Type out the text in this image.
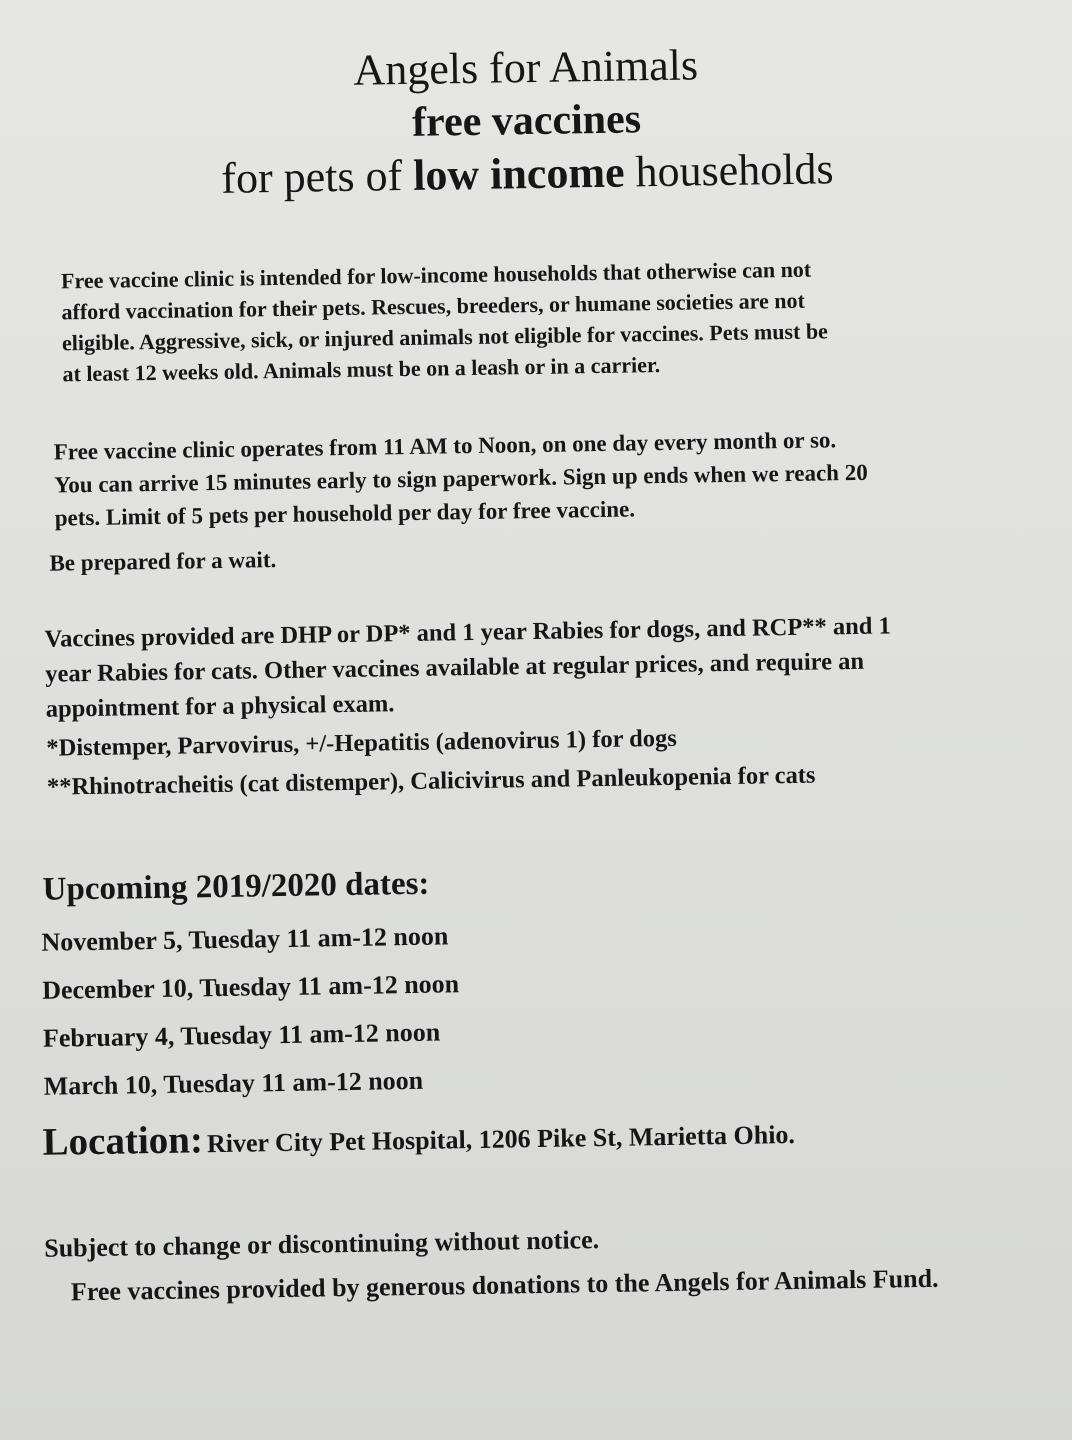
Angels for Animals
free vaccines
for pets of low income households
Free vaccine clinic is intended for low-income households that otherwise can not
afford vaccination for their pets. Rescues, breeders, or humane societies are not
eligible. Aggressive, sick, or injured animals not eligible for vaccines. Pets must be
at least 12 weeks old. Animals must be on a leash or in a carrier.
Free vaccine clinic operates from 11 AM to Noon, on one day every month or so.
You can arrive 15 minutes early to sign paperwork. Sign up ends when we reach 20
pets. Limit of 5 pets per household per day for free vaccine.
Be prepared for a wait.
Vaccines provided are DHP or DP* and 1 year Rabies for dogs, and RCP** and 1
year Rabies for cats. Other vaccines available at regular prices, and require an
appointment for a physical exam.
*Distemper, Parvovirus, +/-Hepatitis (adenovirus 1) for dogs
**Rhinotracheitis (cat distemper), Calicivirus and Panleukopenia for cats
Upcoming 2019/2020 dates:
November 5, Tuesday 11 am-12 noon
December 10, Tuesday 11 am-12 noon
February 4, Tuesday 11 am-12 noon
March 10, Tuesday 11 am-12 noon
Location: River City Pet Hospital, 1206 Pike St, Marietta Ohio.
Subject to change or discontinuing without notice.
Free vaccines provided by generous donations to the Angels for Animals Fund.
